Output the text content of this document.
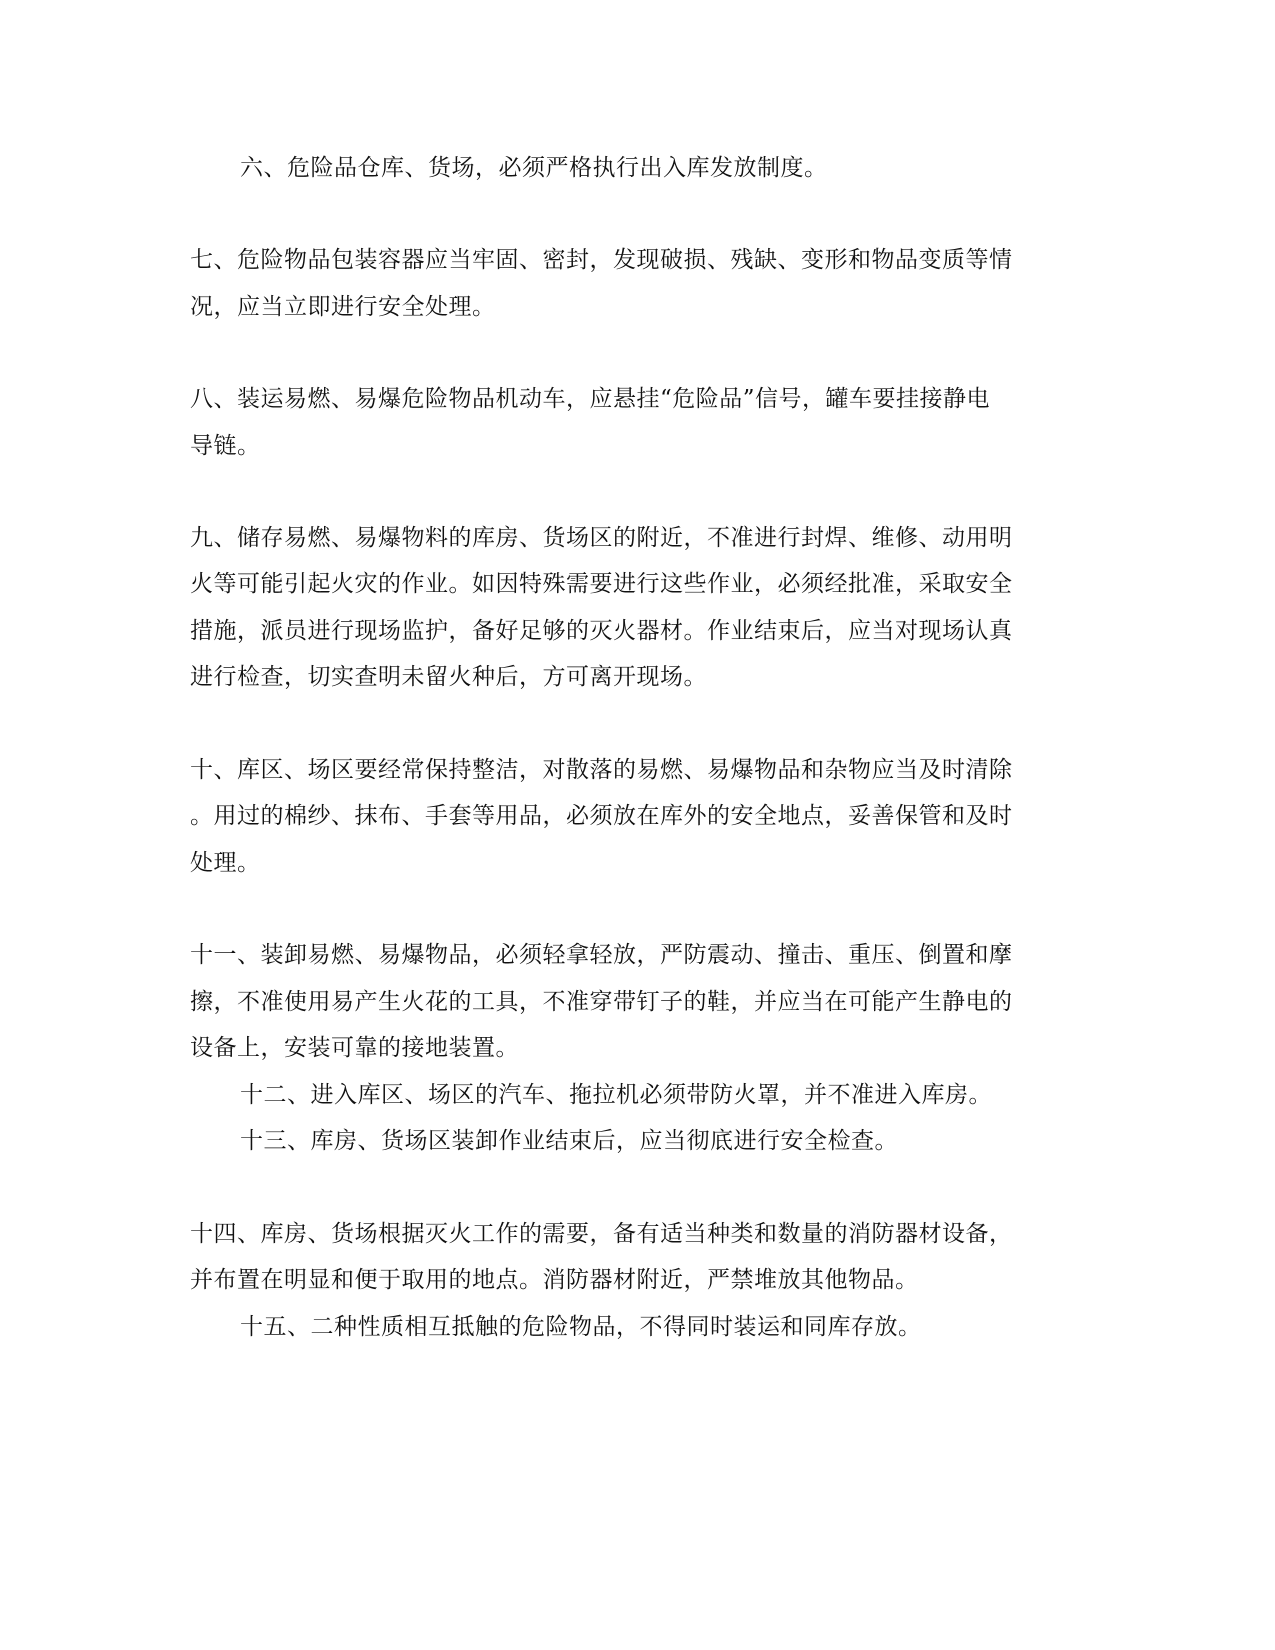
六、危险品仓库、货场，必须严格执行出入库发放制度。
七、危险物品包装容器应当牢固、密封，发现破损、残缺、变形和物品变质等情
况，应当立即进行安全处理。
八、装运易燃、易爆危险物品机动车，应悬挂“危险品”信号，罐车要挂接静电
导链。
九、储存易燃、易爆物料的库房、货场区的附近，不准进行封焊、维修、动用明
火等可能引起火灾的作业。如因特殊需要进行这些作业，必须经批准，采取安全
措施，派员进行现场监护，备好足够的灭火器材。作业结束后，应当对现场认真
进行检查，切实查明未留火种后，方可离开现场。
十、库区、场区要经常保持整洁，对散落的易燃、易爆物品和杂物应当及时清除
。用过的棉纱、抹布、手套等用品，必须放在库外的安全地点，妥善保管和及时
处理。
十一、装卸易燃、易爆物品，必须轻拿轻放，严防震动、撞击、重压、倒置和摩
擦，不准使用易产生火花的工具，不准穿带钉子的鞋，并应当在可能产生静电的
设备上，安装可靠的接地装置。
十二、进入库区、场区的汽车、拖拉机必须带防火罩，并不准进入库房。
十三、库房、货场区装卸作业结束后，应当彻底进行安全检查。
十四、库房、货场根据灭火工作的需要，备有适当种类和数量的消防器材设备，
并布置在明显和便于取用的地点。消防器材附近，严禁堆放其他物品。
十五、二种性质相互抵触的危险物品，不得同时装运和同库存放。
